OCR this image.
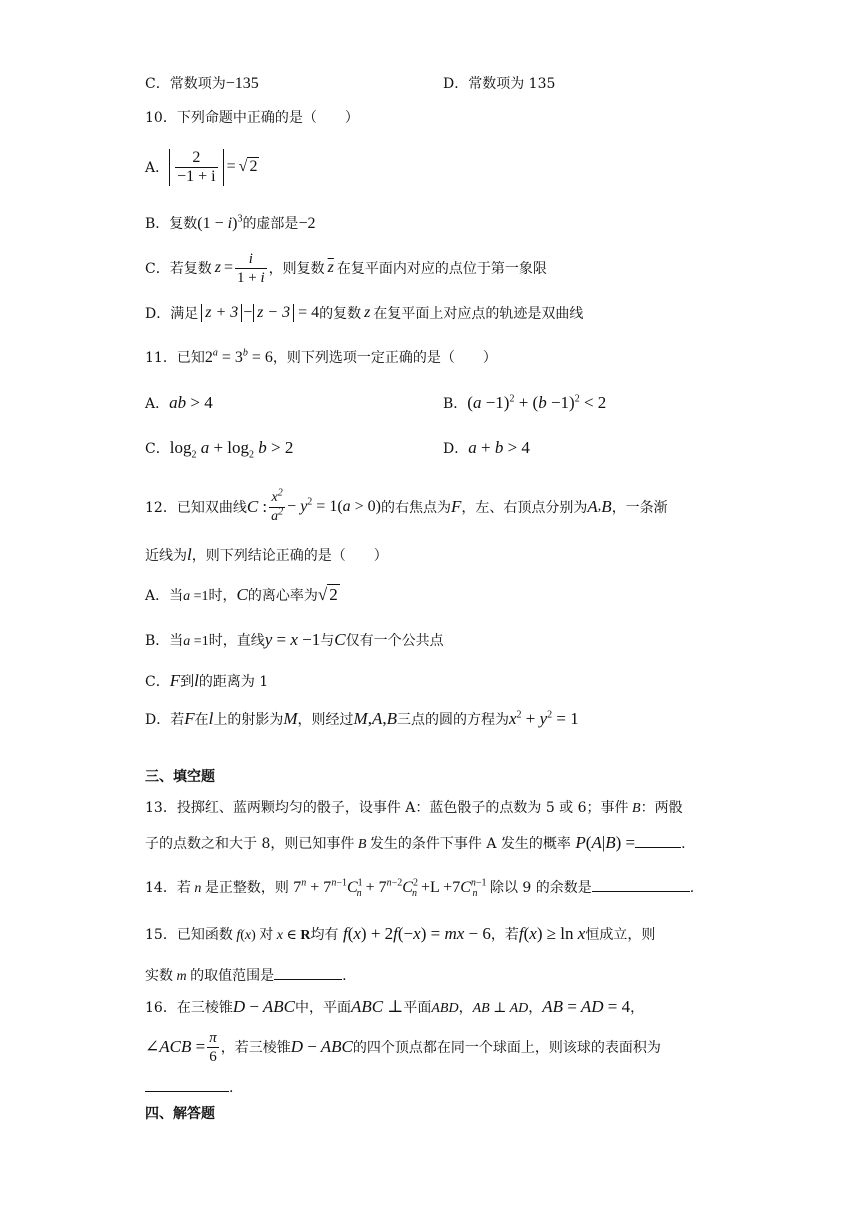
C．常数项为−135	D．常数项为 135
10．下列命题中正确的是（　　）
A． $\frac{2}{-1 + i}$ = √ 2
B．复数$(1 - i)^3$的虚部是−2
C．若复数 $z = \frac{i}{1 + i}$ ，则复数 $\overline{z}$ 在复平面内对应的点位于第一象限
D．满足 z + 3 − z − 3 = 4 的复数 z 在复平面上对应点的轨迹是双曲线
11．已知$2^a = 3^b = 6$，则下列选项一定正确的是（　　）
A．ab > 4	B．$(a -1)^2 + (b -1)^2 < 2$
C．$\log_2 a + \log_2 b > 2$	D．a + b > 4
12．已知双曲线 C : $\frac{x^2}{a^2} - y^2 = 1(a > 0)$ 的右焦点为 F ，左、右顶点分别为 A , B ，一条渐
近线为l，则下列结论正确的是（　　）
A．当a =1时，C的离心率为√ 2
B．当a =1时，直线y = x −1与C仅有一个公共点
C．F到l的距离为 1
D．若F在l上的射影为M，则经过M,A,B三点的圆的方程为$x^2 + y^2 = 1$
三、填空题
13．投掷红、蓝两颗均匀的骰子，设事件 A：蓝色骰子的点数为 5 或 6；事件 B：两骰
子的点数之和大于 8，则已知事件 B 发生的条件下事件 A 发生的概率 P(A|B) =	.
14．若 n 是正整数，则 $7^n + 7^{n-1}C^1_n + 7^{n-2}C^2_n +L +7C^{n-1}_n$ 除以 9 的余数是	.
15．已知函数 f(x) 对 x ∈ R均有 f(x) + 2f(−x) = mx − 6，若f(x) ≥ ln x恒成立，则
实数 m 的取值范围是	.
16．在三棱锥D − ABC中，平面ABC ⊥平面ABD，AB ⊥ AD，AB = AD = 4，
∠ACB = $\frac{\pi}{6}$ ，若三棱锥 D − ABC 的四个顶点都在同一个球面上，则该球的表面积为
.
四、解答题
